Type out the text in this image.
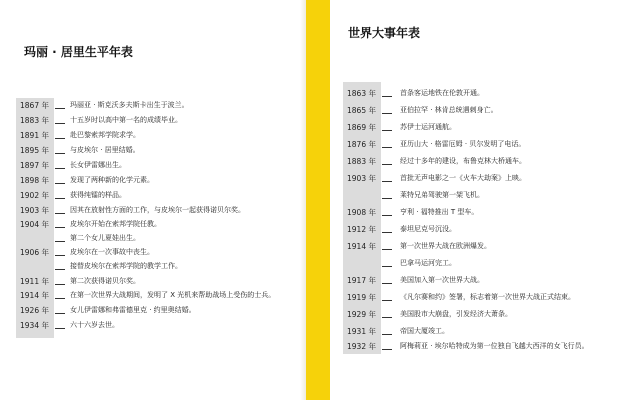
玛丽 · 居里生平年表
世界大事年表
1867 年	玛丽亚 · 斯克沃多夫斯卡出生于波兰。
1883 年	十五岁时以高中第一名的成绩毕业。
1891 年	赴巴黎索邦学院求学。
1895 年	与皮埃尔 · 居里结婚。
1897 年	长女伊雷娜出生。
1898 年	发现了两种新的化学元素。
1902 年	获得纯镭的样品。
1903 年	因其在放射性方面的工作，与皮埃尔一起获得诺贝尔奖。
1904 年	皮埃尔开始在索邦学院任教。
第二个女儿夏娃出生。
1906 年	皮埃尔在一次事故中丧生。
接替皮埃尔在索邦学院的教学工作。
1911 年	第二次获得诺贝尔奖。
1914 年	在第一次世界大战期间，发明了 X 光机来帮助战场上受伤的士兵。
1926 年	女儿伊雷娜和弗雷德里克 · 约里奥结婚。
1934 年	六十六岁去世。
1863 年	首条客运地铁在伦敦开通。
1865 年	亚伯拉罕 · 林肯总统遇刺身亡。
1869 年	苏伊士运河通航。
1876 年	亚历山大 · 格雷厄姆 · 贝尔发明了电话。
1883 年	经过十多年的建设，布鲁克林大桥通车。
1903 年	首批无声电影之一《火车大劫案》上映。
莱特兄弟驾驶第一架飞机。
1908 年	亨利 · 福特推出 T 型车。
1912 年	泰坦尼克号沉没。
1914 年	第一次世界大战在欧洲爆发。
巴拿马运河完工。
1917 年	美国加入第一次世界大战。
1919 年	《凡尔赛和约》签署，标志着第一次世界大战正式结束。
1929 年	美国股市大崩盘，引发经济大萧条。
1931 年	帝国大厦竣工。
1932 年	阿梅莉亚 · 埃尔哈特成为第一位独自飞越大西洋的女飞行员。
